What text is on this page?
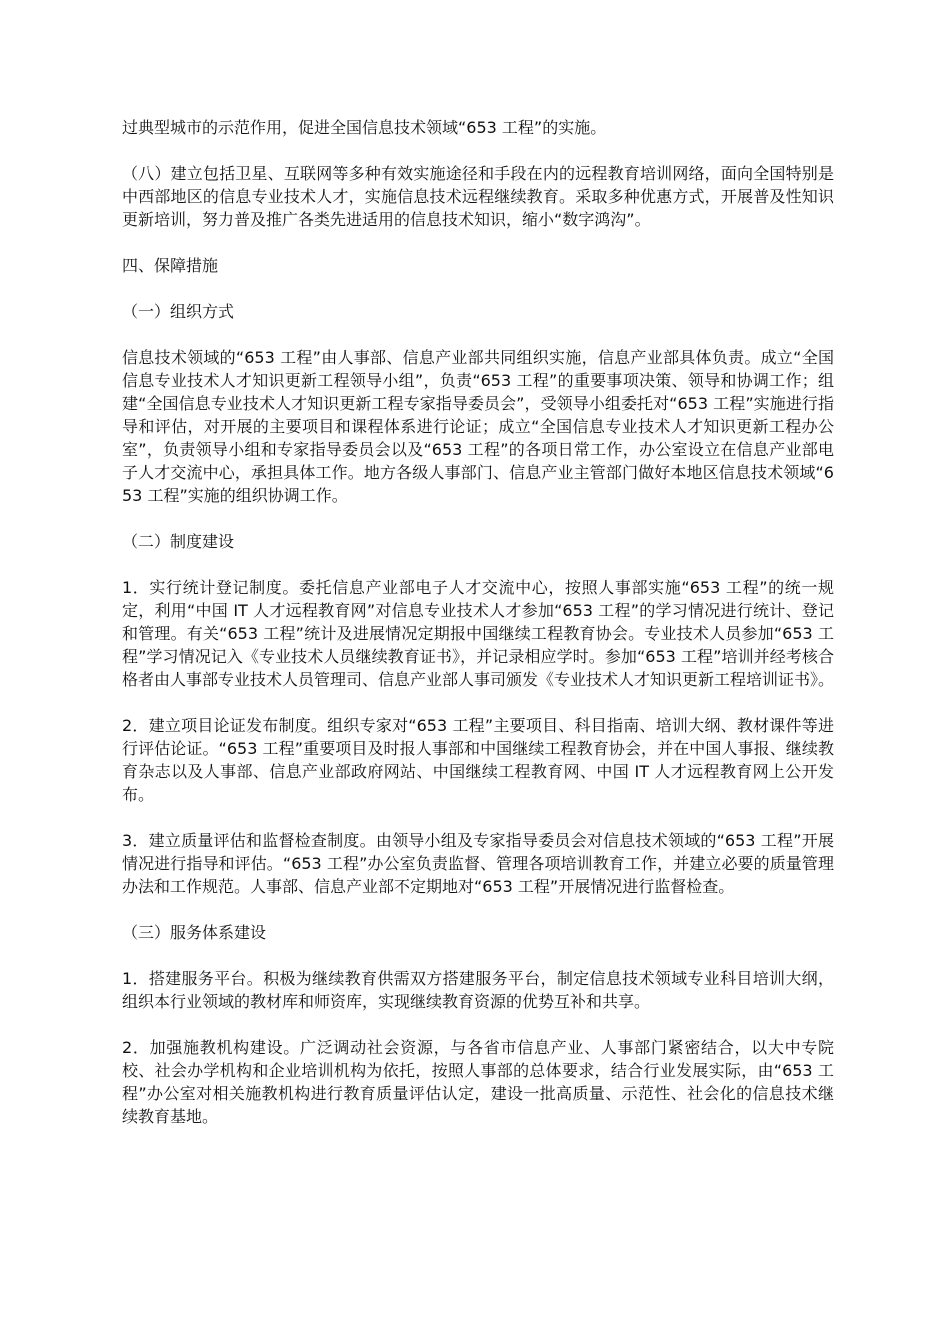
过典型城市的示范作用，促进全国信息技术领域“653 工程”的实施。

（八）建立包括卫星、互联网等多种有效实施途径和手段在内的远程教育培训网络，面向全国特别是中西部地区的信息专业技术人才，实施信息技术远程继续教育。采取多种优惠方式，开展普及性知识更新培训，努力普及推广各类先进适用的信息技术知识，缩小“数字鸿沟”。

四、保障措施

（一）组织方式

信息技术领域的“653 工程”由人事部、信息产业部共同组织实施，信息产业部具体负责。成立“全国信息专业技术人才知识更新工程领导小组”，负责“653 工程”的重要事项决策、领导和协调工作；组建“全国信息专业技术人才知识更新工程专家指导委员会”，受领导小组委托对“653 工程”实施进行指导和评估，对开展的主要项目和课程体系进行论证；成立“全国信息专业技术人才知识更新工程办公室”，负责领导小组和专家指导委员会以及“653 工程”的各项日常工作，办公室设立在信息产业部电子人才交流中心，承担具体工作。地方各级人事部门、信息产业主管部门做好本地区信息技术领域“653 工程”实施的组织协调工作。

（二）制度建设

1．实行统计登记制度。委托信息产业部电子人才交流中心，按照人事部实施“653 工程”的统一规定，利用“中国 IT 人才远程教育网”对信息专业技术人才参加“653 工程”的学习情况进行统计、登记和管理。有关“653 工程”统计及进展情况定期报中国继续工程教育协会。专业技术人员参加“653 工程”学习情况记入《专业技术人员继续教育证书》，并记录相应学时。参加“653 工程”培训并经考核合格者由人事部专业技术人员管理司、信息产业部人事司颁发《专业技术人才知识更新工程培训证书》。

2．建立项目论证发布制度。组织专家对“653 工程”主要项目、科目指南、培训大纲、教材课件等进行评估论证。“653 工程”重要项目及时报人事部和中国继续工程教育协会，并在中国人事报、继续教育杂志以及人事部、信息产业部政府网站、中国继续工程教育网、中国 IT 人才远程教育网上公开发布。

3．建立质量评估和监督检查制度。由领导小组及专家指导委员会对信息技术领域的“653 工程”开展情况进行指导和评估。“653 工程”办公室负责监督、管理各项培训教育工作，并建立必要的质量管理办法和工作规范。人事部、信息产业部不定期地对“653 工程”开展情况进行监督检查。

（三）服务体系建设

1．搭建服务平台。积极为继续教育供需双方搭建服务平台，制定信息技术领域专业科目培训大纲，组织本行业领域的教材库和师资库，实现继续教育资源的优势互补和共享。

2．加强施教机构建设。广泛调动社会资源，与各省市信息产业、人事部门紧密结合，以大中专院校、社会办学机构和企业培训机构为依托，按照人事部的总体要求，结合行业发展实际，由“653 工程”办公室对相关施教机构进行教育质量评估认定，建设一批高质量、示范性、社会化的信息技术继续教育基地。
